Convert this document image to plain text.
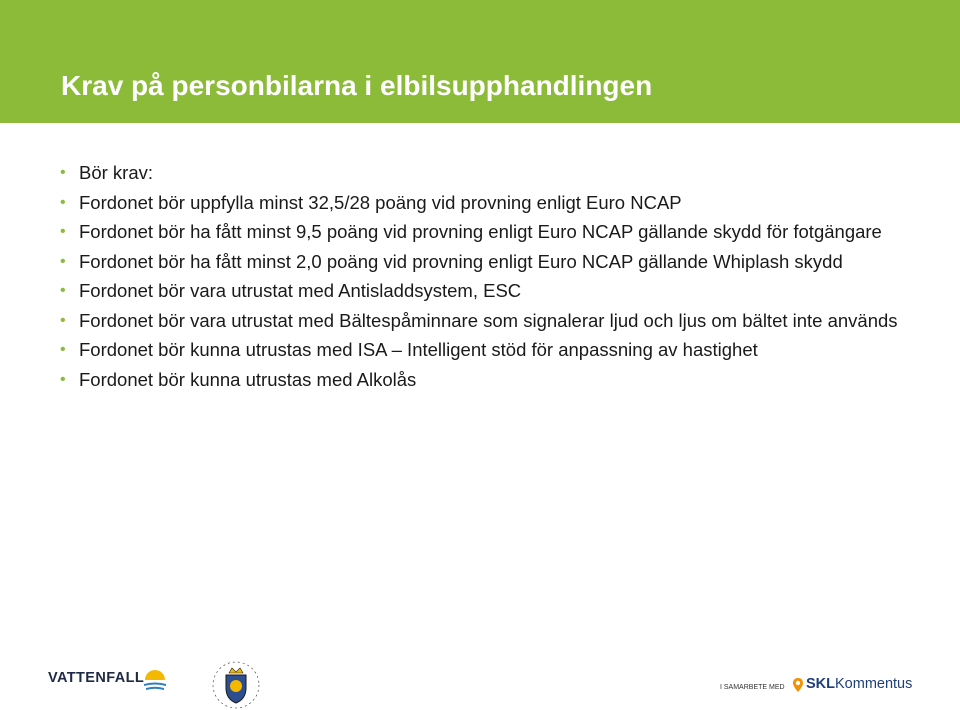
Krav på personbilarna i elbilsupphandlingen
• Bör krav:
• Fordonet bör uppfylla minst 32,5/28 poäng vid provning enligt Euro NCAP
• Fordonet bör ha fått minst 9,5 poäng vid provning enligt Euro NCAP gällande skydd för fotgängare
• Fordonet bör ha fått minst 2,0 poäng vid provning enligt Euro NCAP gällande Whiplash skydd
• Fordonet bör vara utrustat med Antisladdsystem, ESC
• Fordonet bör vara utrustat med Bältespåminnare som signalerar ljud och ljus om bältet inte används
• Fordonet bör kunna utrustas med ISA – Intelligent stöd för anpassning av hastighet
• Fordonet bör kunna utrustas med Alkolås
VATTENFALL
I SAMARBETE MED SKLKommentus
